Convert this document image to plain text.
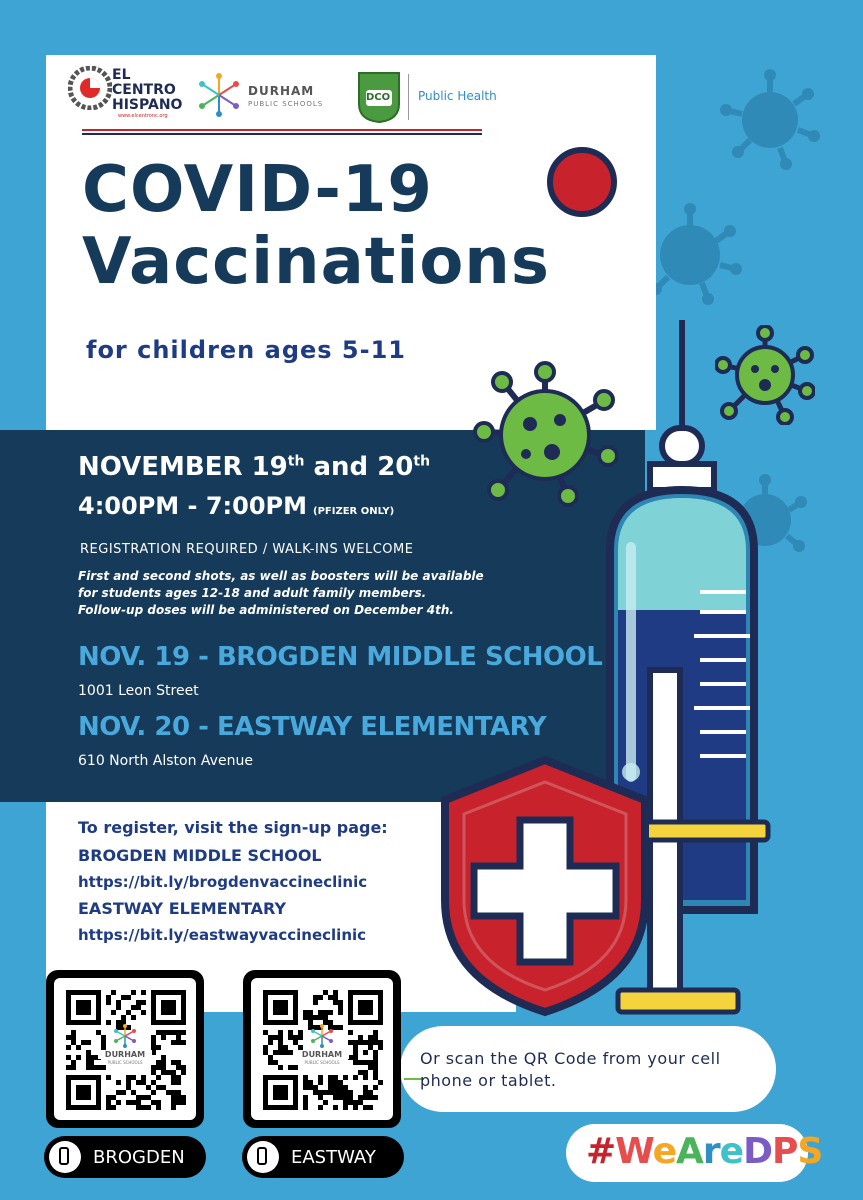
EL CENTRO HISPANO
www.elcentronc.org
DURHAM
PUBLIC SCHOOLS
DCO Public Health
COVID-19
Vaccinations
for children ages 5-11
NOVEMBER 19th and 20th
4:00PM - 7:00PM (PFIZER ONLY)
REGISTRATION REQUIRED / WALK-INS WELCOME
First and second shots, as well as boosters will be available
for students ages 12-18 and adult family members.
Follow-up doses will be administered on December 4th.
NOV. 19 - BROGDEN MIDDLE SCHOOL
1001 Leon Street
NOV. 20 - EASTWAY ELEMENTARY
610 North Alston Avenue
To register, visit the sign-up page:
BROGDEN MIDDLE SCHOOL
https://bit.ly/brogdenvaccineclinic
EASTWAY ELEMENTARY
https://bit.ly/eastwayvaccineclinic
Or scan the QR Code from your cell phone or tablet.
DURHAM
PUBLIC SCHOOLS
DURHAM
PUBLIC SCHOOLS
BROGDEN	EASTWAY	#WeAreDPS
